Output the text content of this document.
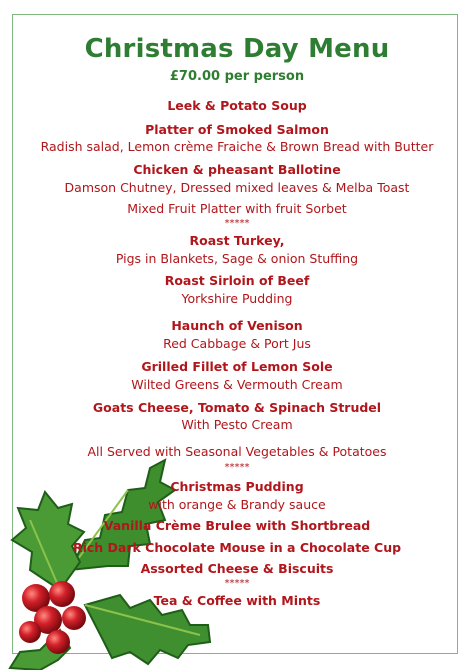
Christmas Day Menu
£70.00 per person
Leek & Potato Soup
Platter of Smoked Salmon
Radish salad, Lemon crème Fraiche & Brown Bread with Butter
Chicken & pheasant Ballotine
Damson Chutney, Dressed mixed leaves & Melba Toast
Mixed Fruit Platter with fruit Sorbet
*****
Roast Turkey,
Pigs in Blankets, Sage & onion Stuffing
Roast Sirloin of Beef
Yorkshire Pudding
Haunch of Venison
Red Cabbage & Port Jus
Grilled Fillet of Lemon Sole
Wilted Greens & Vermouth Cream
Goats Cheese, Tomato & Spinach Strudel
With Pesto Cream
All Served with Seasonal Vegetables & Potatoes
*****
Christmas Pudding
with orange & Brandy sauce
Vanilla Crème Brulee with Shortbread
Rich Dark Chocolate Mouse in a Chocolate Cup
Assorted Cheese & Biscuits
*****
Tea & Coffee with Mints
